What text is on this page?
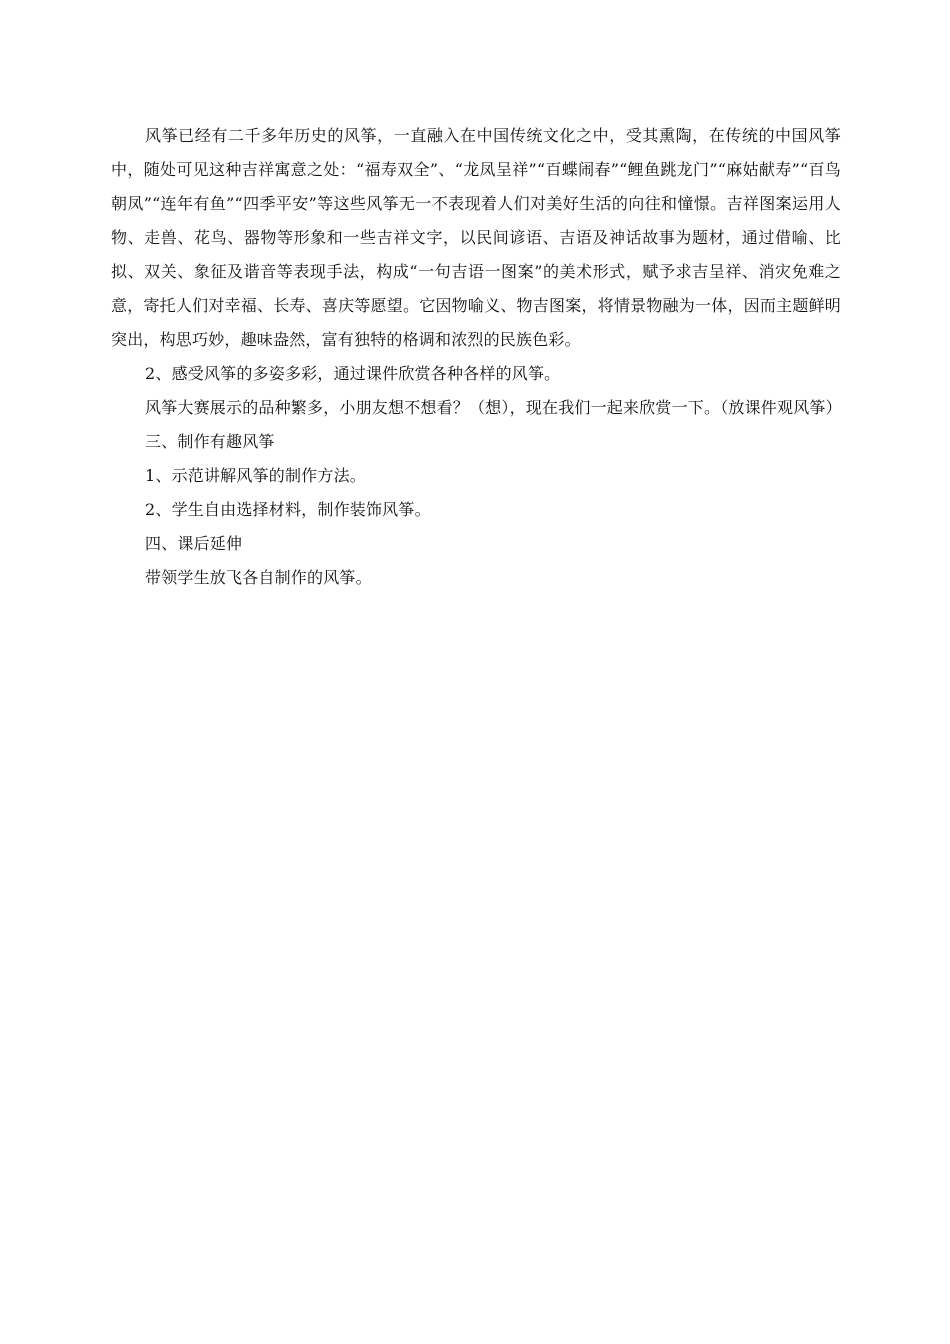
风筝已经有二千多年历史的风筝，一直融入在中国传统文化之中，受其熏陶，在传统的中国风筝中，随处可见这种吉祥寓意之处：“福寿双全”、“龙凤呈祥”“百蝶闹春”“鲤鱼跳龙门”“麻姑献寿”“百鸟朝凤”“连年有鱼”“四季平安”等这些风筝无一不表现着人们对美好生活的向往和憧憬。吉祥图案运用人物、走兽、花鸟、器物等形象和一些吉祥文字，以民间谚语、吉语及神话故事为题材，通过借喻、比拟、双关、象征及谐音等表现手法，构成“一句吉语一图案”的美术形式，赋予求吉呈祥、消灾免难之意，寄托人们对幸福、长寿、喜庆等愿望。它因物喻义、物吉图案，将情景物融为一体，因而主题鲜明突出，构思巧妙，趣味盎然，富有独特的格调和浓烈的民族色彩。

2、感受风筝的多姿多彩，通过课件欣赏各种各样的风筝。

风筝大赛展示的品种繁多，小朋友想不想看？（想），现在我们一起来欣赏一下。（放课件观风筝）

三、制作有趣风筝

1、示范讲解风筝的制作方法。

2、学生自由选择材料，制作装饰风筝。

四、课后延伸

带领学生放飞各自制作的风筝。
